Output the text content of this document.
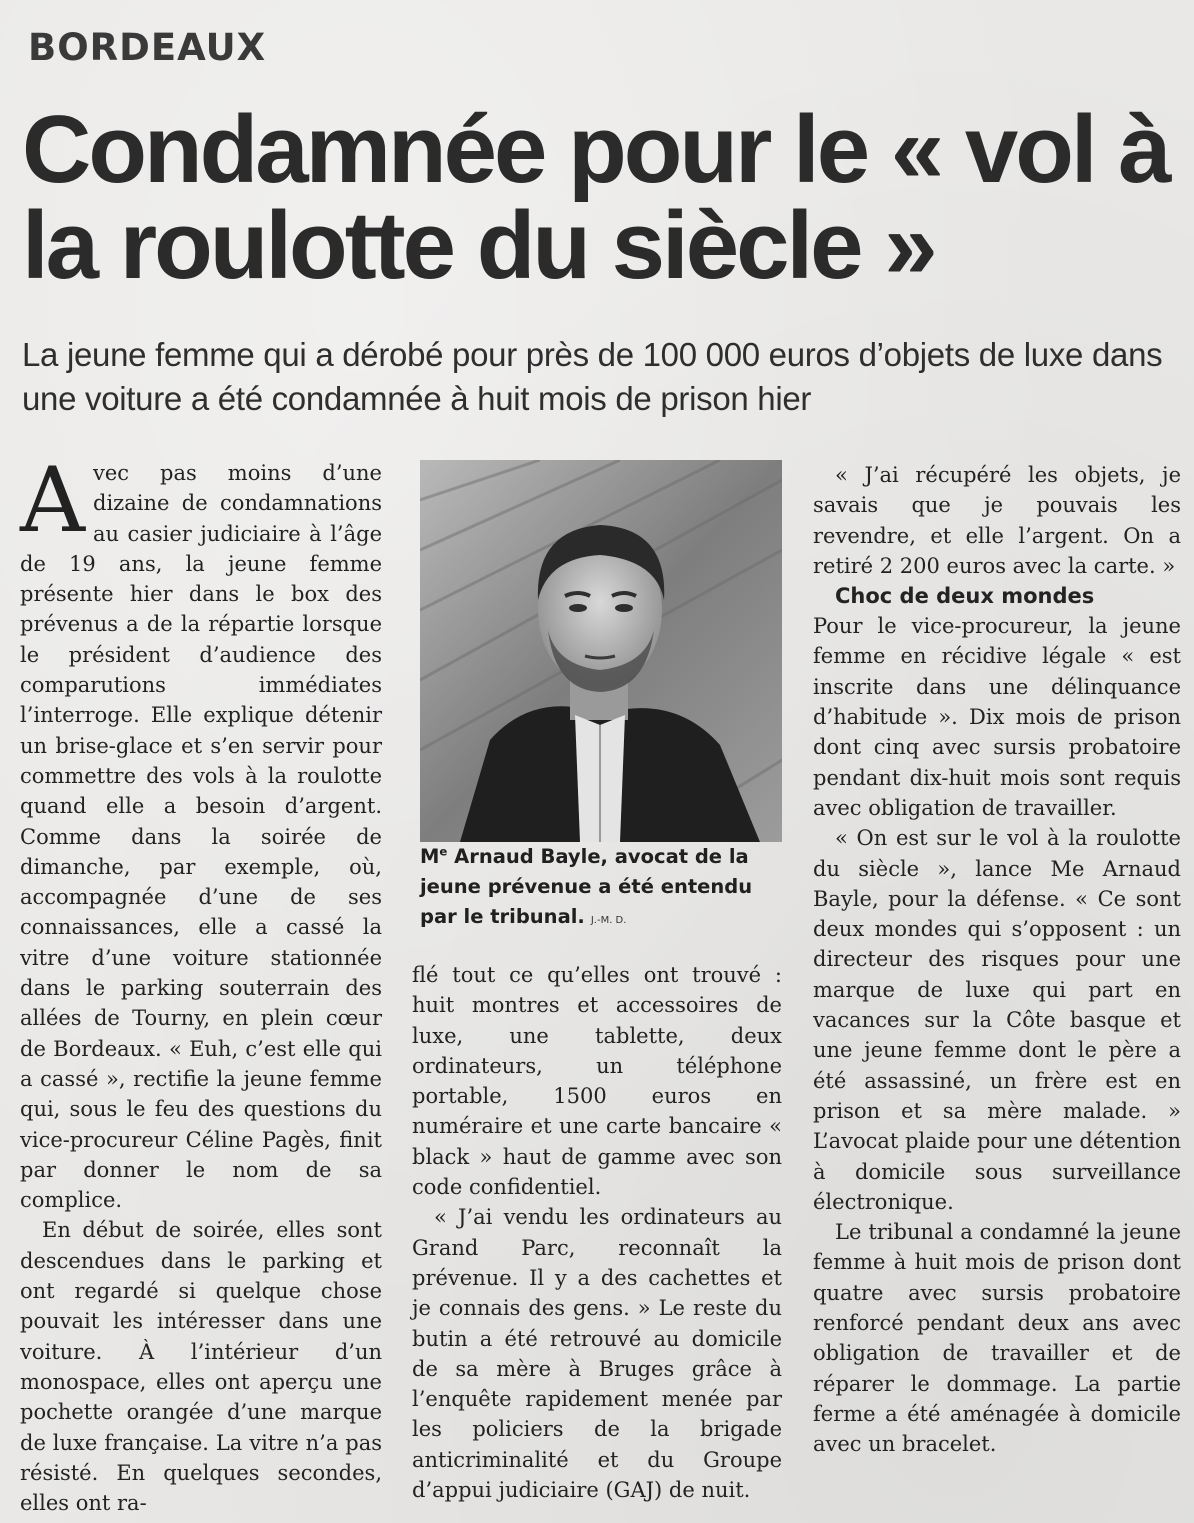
BORDEAUX

Condamnée pour le « vol à la roulotte du siècle »

La jeune femme qui a dérobé pour près de 100 000 euros d’objets de luxe dans une voiture a été condamnée à huit mois de prison hier

Avec pas moins d’une dizaine de condamnations au casier judiciaire à l’âge de 19 ans, la jeune femme présente hier dans le box des prévenus a de la répartie lorsque le président d’audience des comparutions immédiates l’interroge. Elle explique détenir un brise-glace et s’en servir pour commettre des vols à la roulotte quand elle a besoin d’argent. Comme dans la soirée de dimanche, par exemple, où, accompagnée d’une de ses connaissances, elle a cassé la vitre d’une voiture stationnée dans le parking souterrain des allées de Tourny, en plein cœur de Bordeaux. « Euh, c’est elle qui a cassé », rectifie la jeune femme qui, sous le feu des questions du vice-procureur Céline Pagès, finit par donner le nom de sa complice.

En début de soirée, elles sont descendues dans le parking et ont regardé si quelque chose pouvait les intéresser dans une voiture. À l’intérieur d’un monospace, elles ont aperçu une pochette orangée d’une marque de luxe française. La vitre n’a pas résisté. En quelques secondes, elles ont ra-

Me Arnaud Bayle, avocat de la jeune prévenue a été entendu par le tribunal. J.-M. D.

flé tout ce qu’elles ont trouvé : huit montres et accessoires de luxe, une tablette, deux ordinateurs, un téléphone portable, 1500 euros en numéraire et une carte bancaire « black » haut de gamme avec son code confidentiel.

« J’ai vendu les ordinateurs au Grand Parc, reconnaît la prévenue. Il y a des cachettes et je connais des gens. » Le reste du butin a été retrouvé au domicile de sa mère à Bruges grâce à l’enquête rapidement menée par les policiers de la brigade anticriminalité et du Groupe d’appui judiciaire (GAJ) de nuit.

« J’ai récupéré les objets, je savais que je pouvais les revendre, et elle l’argent. On a retiré 2 200 euros avec la carte. »

Choc de deux mondes

Pour le vice-procureur, la jeune femme en récidive légale « est inscrite dans une délinquance d’habitude ». Dix mois de prison dont cinq avec sursis probatoire pendant dix-huit mois sont requis avec obligation de travailler.

« On est sur le vol à la roulotte du siècle », lance Me Arnaud Bayle, pour la défense. « Ce sont deux mondes qui s’opposent : un directeur des risques pour une marque de luxe qui part en vacances sur la Côte basque et une jeune femme dont le père a été assassiné, un frère est en prison et sa mère malade. » L’avocat plaide pour une détention à domicile sous surveillance électronique.

Le tribunal a condamné la jeune femme à huit mois de prison dont quatre avec sursis probatoire renforcé pendant deux ans avec obligation de travailler et de réparer le dommage. La partie ferme a été aménagée à domicile avec un bracelet.
